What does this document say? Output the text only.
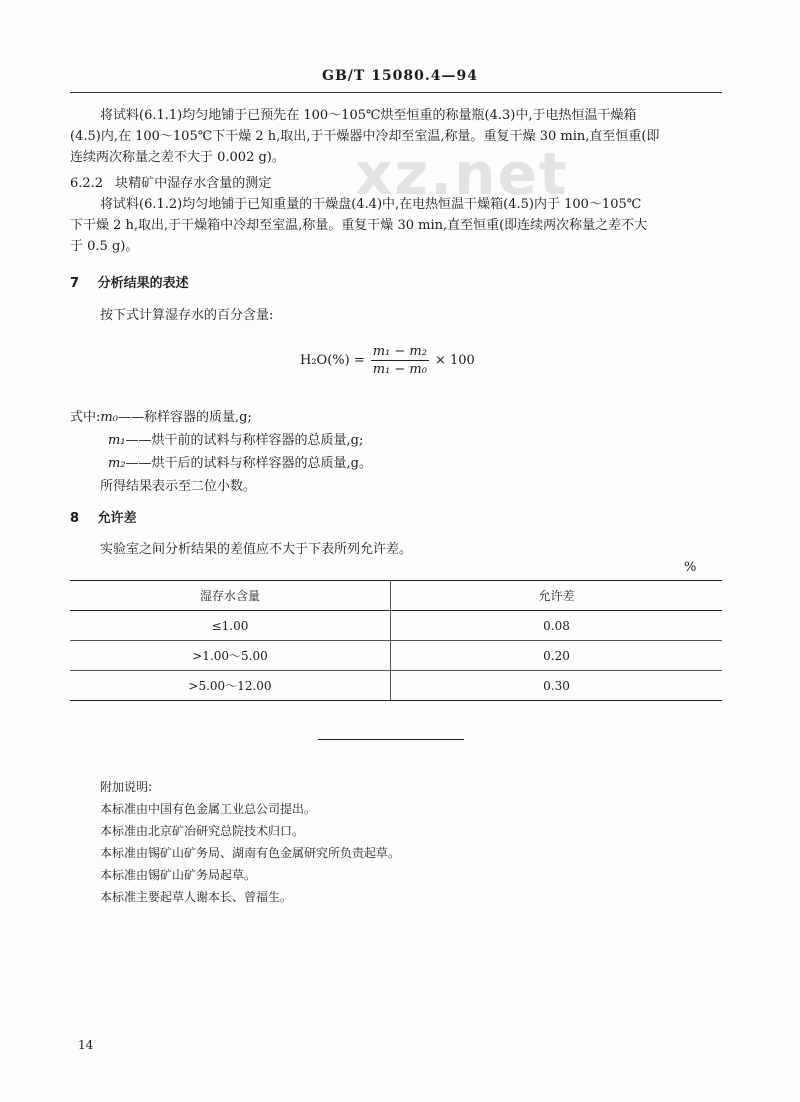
GB/T 15080.4—94
xz.net
将试料(6.1.1)均匀地铺于已预先在 100～105℃烘至恒重的称量瓶(4.3)中,于电热恒温干燥箱
(4.5)内,在 100～105℃下干燥 2 h,取出,于干燥器中冷却至室温,称量。重复干燥 30 min,直至恒重(即
连续两次称量之差不大于 0.002 g)。
6.2.2 块精矿中湿存水含量的测定
将试料(6.1.2)均匀地铺于已知重量的干燥盘(4.4)中,在电热恒温干燥箱(4.5)内于 100～105℃
下干燥 2 h,取出,于干燥箱中冷却至室温,称量。重复干燥 30 min,直至恒重(即连续两次称量之差不大
于 0.5 g)。
7 分析结果的表述
按下式计算湿存水的百分含量:
$H_2O(\%) = \frac{\text{m₁ − m₂}}{\text{m₁ − m₀}} \times 100$
式中:m₀——称样容器的质量,g;
m₁——烘干前的试料与称样容器的总质量,g;
m₂——烘干后的试料与称样容器的总质量,g。
所得结果表示至二位小数。
8 允许差
实验室之间分析结果的差值应不大于下表所列允许差。
%
湿存水含量	允许差
≤1.00	0.08
>1.00～5.00	0.20
>5.00～12.00	0.30
附加说明:
本标准由中国有色金属工业总公司提出。
本标准由北京矿冶研究总院技术归口。
本标准由锡矿山矿务局、湖南有色金属研究所负责起草。
本标准由锡矿山矿务局起草。
本标准主要起草人谢本长、曾福生。
14
